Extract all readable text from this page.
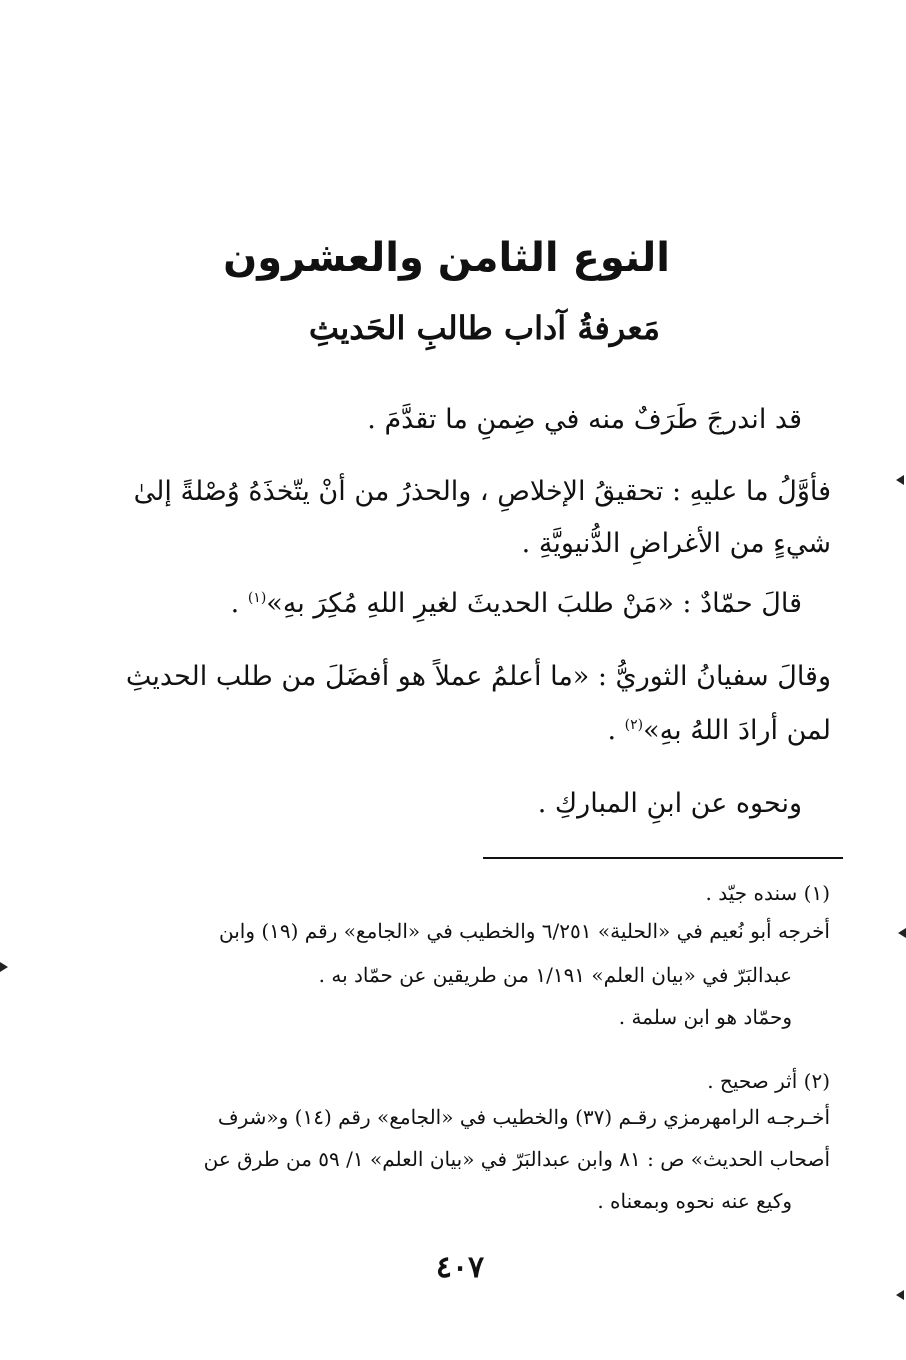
النوع الثامن والعشرون
مَعرفةُ آداب طالبِ الحَديثِ
قد اندرجَ طَرَفٌ منه في ضِمنِ ما تقدَّمَ .
فأوَّلُ ما عليهِ : تحقيقُ الإخلاصِ ، والحذرُ من أنْ يتّخذَهُ وُصْلةً إلىٰ
شيءٍ من الأغراضِ الدُّنيويَّةِ .
قالَ حمّادٌ : «مَنْ طلبَ الحديثَ لغيرِ اللهِ مُكِرَ بهِ»$^{(١)}$ .
وقالَ سفيانُ الثوريُّ : «ما أعلمُ عملاً هو أفضَلَ من طلب الحديثِ
لمن أرادَ اللهُ بهِ»$^{(٢)}$ .
ونحوه عن ابنِ المباركِ .
(١) سنده جيّد .
أخرجه أبو نُعيم في «الحلية» ٦/٢٥١ والخطيب في «الجامع» رقم (١٩) وابن
عبدالبَرّ في «بيان العلم» ١/١٩١ من طريقين عن حمّاد به .
وحمّاد هو ابن سلمة .
(٢) أثر صحيح .
أخـرجـه الرامهرمزي رقـم (٣٧) والخطيب في «الجامع» رقم (١٤) و«شرف
أصحاب الحديث» ص : ٨١ وابن عبدالبَرّ في «بيان العلم» ١/ ٥٩ من طرق عن
وكيع عنه نحوه وبمعناه .
٤٠٧
